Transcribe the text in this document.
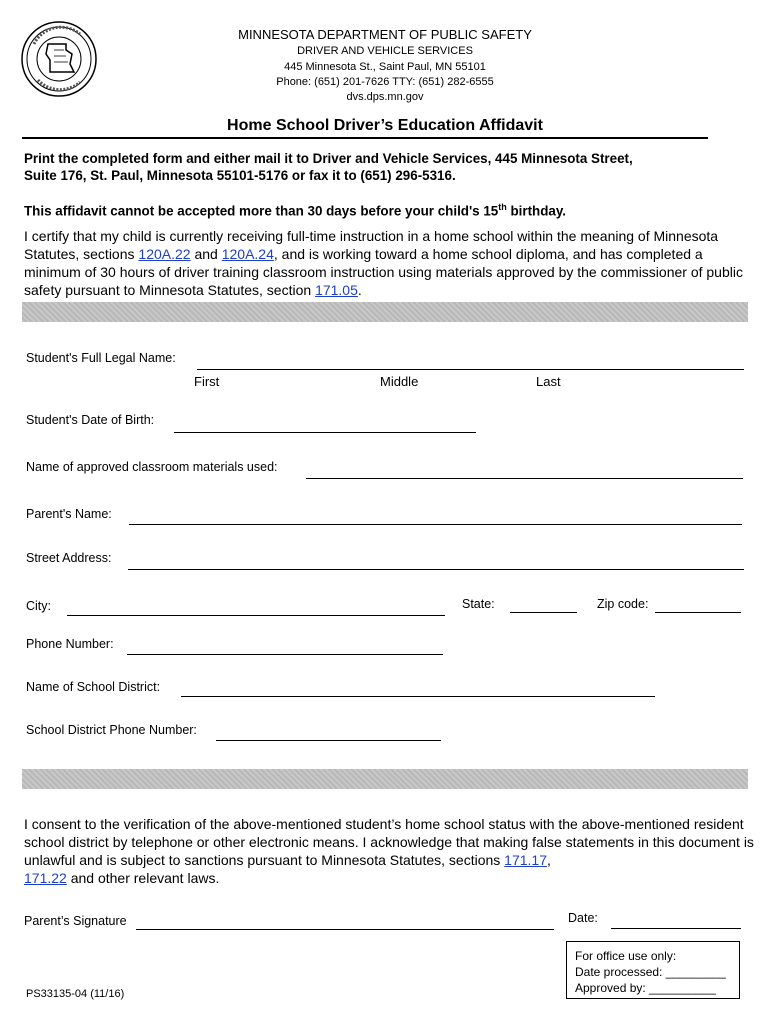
MINNESOTA DEPARTMENT OF PUBLIC SAFETY
DRIVER AND VEHICLE SERVICES
445 Minnesota St., Saint Paul, MN 55101
Phone: (651) 201-7626 TTY: (651) 282-6555
dvs.dps.mn.gov
Home School Driver’s Education Affidavit
Print the completed form and either mail it to Driver and Vehicle Services, 445 Minnesota Street,
Suite 176, St. Paul, Minnesota 55101-5176 or fax it to (651) 296-5316.
This affidavit cannot be accepted more than 30 days before your child's 15th birthday.
I certify that my child is currently receiving full-time instruction in a home school within the meaning of Minnesota Statutes, sections 120A.22 and 120A.24, and is working toward a home school diploma, and has completed a minimum of 30 hours of driver training classroom instruction using materials approved by the commissioner of public safety pursuant to Minnesota Statutes, section 171.05.
Student's Full Legal Name:
First	Middle	Last
Student's Date of Birth:
Name of approved classroom materials used:
Parent's Name:
Street Address:
City:	State:	Zip code:
Phone Number:
Name of School District:
School District Phone Number:
I consent to the verification of the above-mentioned student’s home school status with the above-mentioned resident school district by telephone or other electronic means. I acknowledge that making false statements in this document is unlawful and is subject to sanctions pursuant to Minnesota Statutes, sections 171.17,
171.22 and other relevant laws.
Parent’s Signature	Date:
For office use only:
Date processed: _________
Approved by: __________
PS33135-04 (11/16)
